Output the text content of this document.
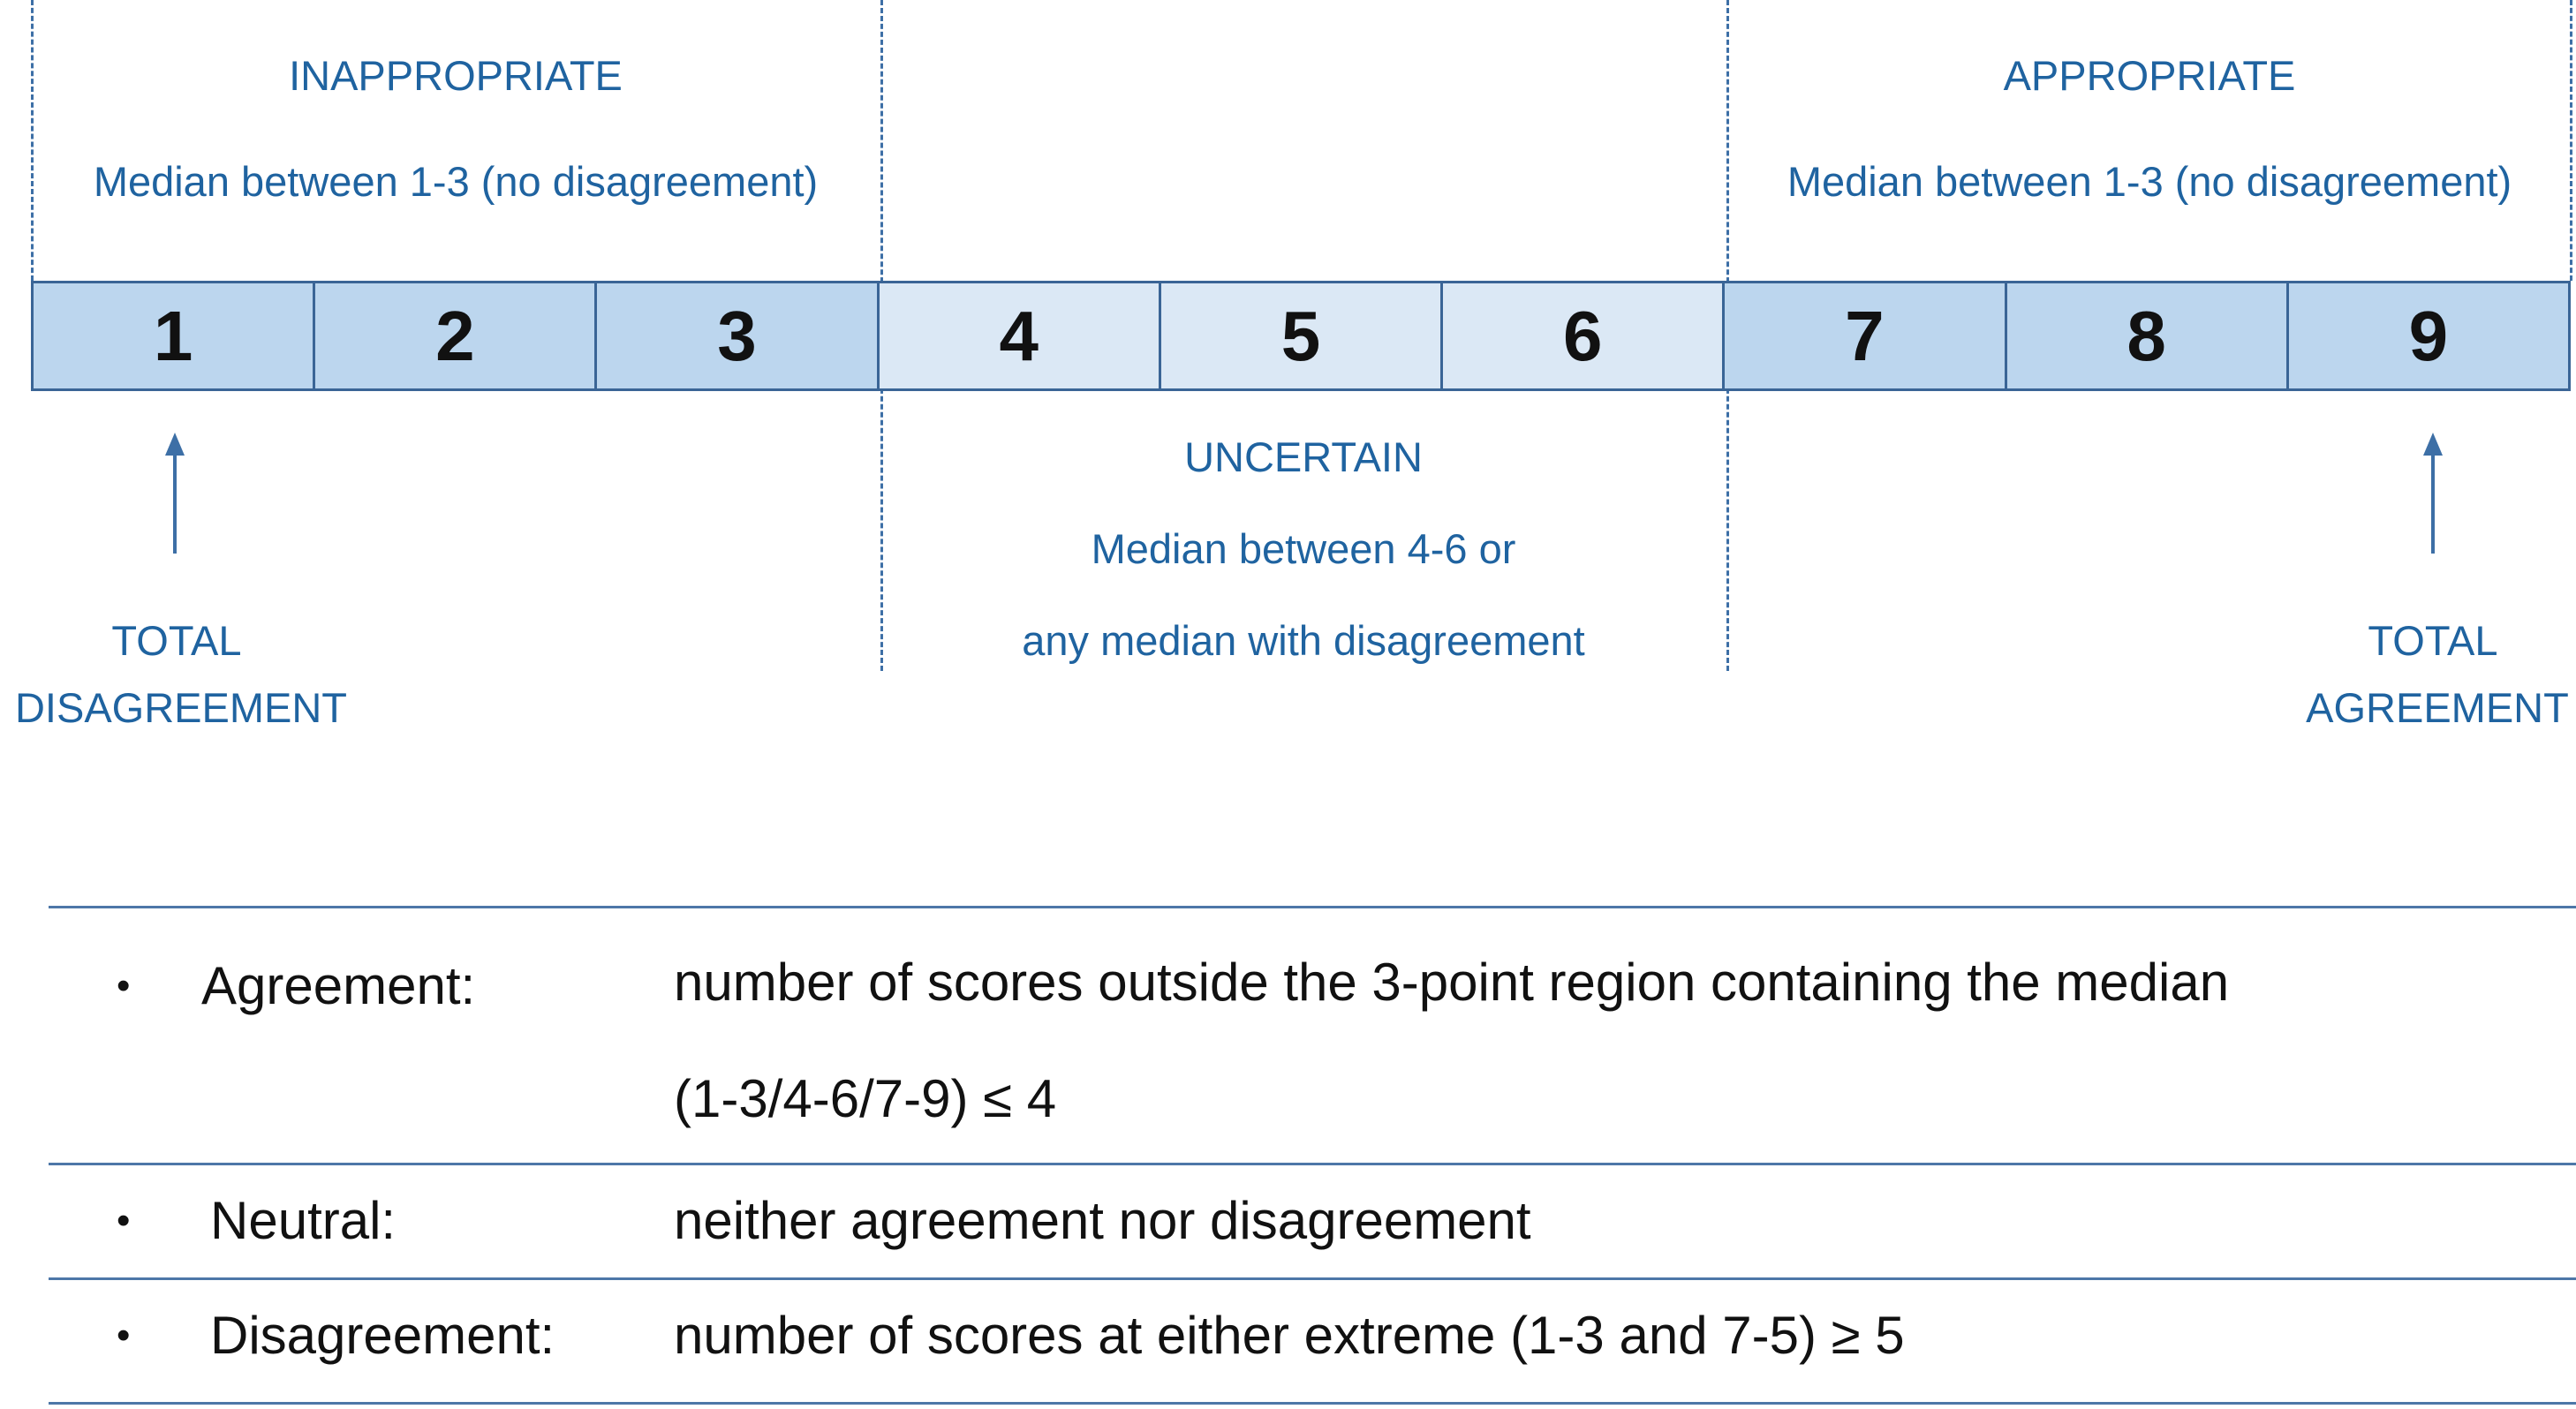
INAPPROPRIATE
Median between 1-3 (no disagreement)
APPROPRIATE
Median between 1-3 (no disagreement)
1	2	3	4	5	6	7	8	9
UNCERTAIN
Median between 4-6 or
any median with disagreement
TOTAL
DISAGREEMENT
TOTAL
AGREEMENT
• Agreement:	number of scores outside the 3-point region containing the median
(1-3/4-6/7-9) ≤ 4
• Neutral:	neither agreement nor disagreement
• Disagreement: number of scores at either extreme (1-3 and 7-5) ≥ 5
